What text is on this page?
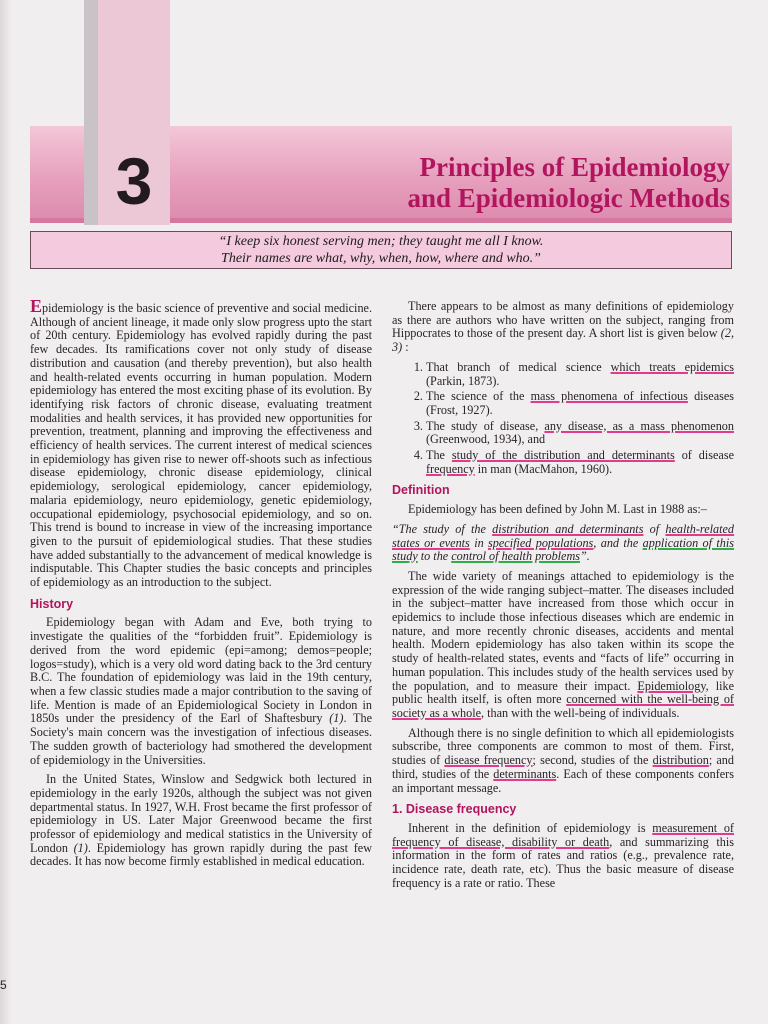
3	Principles of Epidemiology
and Epidemiologic Methods
“I keep six honest serving men; they taught me all I know.
Their names are what, why, when, how, where and who.”

Epidemiology is the basic science of preventive and social medicine. Although of ancient lineage, it made only slow progress upto the start of 20th century. Epidemiology has evolved rapidly during the past few decades. Its ramifications cover not only study of disease distribution and causation (and thereby prevention), but also health and health-related events occurring in human population. Modern epidemiology has entered the most exciting phase of its evolution. By identifying risk factors of chronic disease, evaluating treatment modalities and health services, it has provided new opportunities for prevention, treatment, planning and improving the effectiveness and efficiency of health services. The current interest of medical sciences in epidemiology has given rise to newer off-shoots such as infectious disease epidemiology, chronic disease epidemiology, clinical epidemiology, serological epidemiology, cancer epidemiology, malaria epidemiology, neuro epidemiology, genetic epidemiology, occupational epidemiology, psychosocial epidemiology, and so on. This trend is bound to increase in view of the increasing importance given to the pursuit of epidemiological studies. That these studies have added substantially to the advancement of medical knowledge is indisputable. This Chapter studies the basic concepts and principles of epidemiology as an introduction to the subject.

History

Epidemiology began with Adam and Eve, both trying to investigate the qualities of the “forbidden fruit”. Epidemiology is derived from the word epidemic (epi=among; demos=people; logos=study), which is a very old word dating back to the 3rd century B.C. The foundation of epidemiology was laid in the 19th century, when a few classic studies made a major contribution to the saving of life. Mention is made of an Epidemiological Society in London in 1850s under the presidency of the Earl of Shaftesbury (1). The Society's main concern was the investigation of infectious diseases. The sudden growth of bacteriology had smothered the development of epidemiology in the Universities.

In the United States, Winslow and Sedgwick both lectured in epidemiology in the early 1920s, although the subject was not given departmental status. In 1927, W.H. Frost became the first professor of epidemiology in US. Later Major Greenwood became the first professor of epidemiology and medical statistics in the University of London (1). Epidemiology has grown rapidly during the past few decades. It has now become firmly established in medical education.

There appears to be almost as many definitions of epidemiology as there are authors who have written on the subject, ranging from Hippocrates to those of the present day. A short list is given below (2, 3) :

1. That branch of medical science which treats epidemics (Parkin, 1873).
2. The science of the mass phenomena of infectious diseases (Frost, 1927).
3. The study of disease, any disease, as a mass phenomenon (Greenwood, 1934), and
4. The study of the distribution and determinants of disease frequency in man (MacMahon, 1960).
Definition

Epidemiology has been defined by John M. Last in 1988 as:–

“The study of the distribution and determinants of health-related states or events in specified populations, and the application of this study to the control of health problems”.

The wide variety of meanings attached to epidemiology is the expression of the wide ranging subject–matter. The diseases included in the subject–matter have increased from those which occur in epidemics to include those infectious diseases which are endemic in nature, and more recently chronic diseases, accidents and mental health. Modern epidemiology has also taken within its scope the study of health-related states, events and “facts of life” occurring in human population. This includes study of the health services used by the population, and to measure their impact. Epidemiology, like public health itself, is often more concerned with the well-being of society as a whole, than with the well-being of individuals.

Although there is no single definition to which all epidemiologists subscribe, three components are common to most of them. First, studies of disease frequency; second, studies of the distribution; and third, studies of the determinants. Each of these components confers an important message.

1. Disease frequency

Inherent in the definition of epidemiology is measurement of frequency of disease, disability or death, and summarizing this information in the form of rates and ratios (e.g., prevalence rate, incidence rate, death rate, etc). Thus the basic measure of disease frequency is a rate or ratio. These

5
